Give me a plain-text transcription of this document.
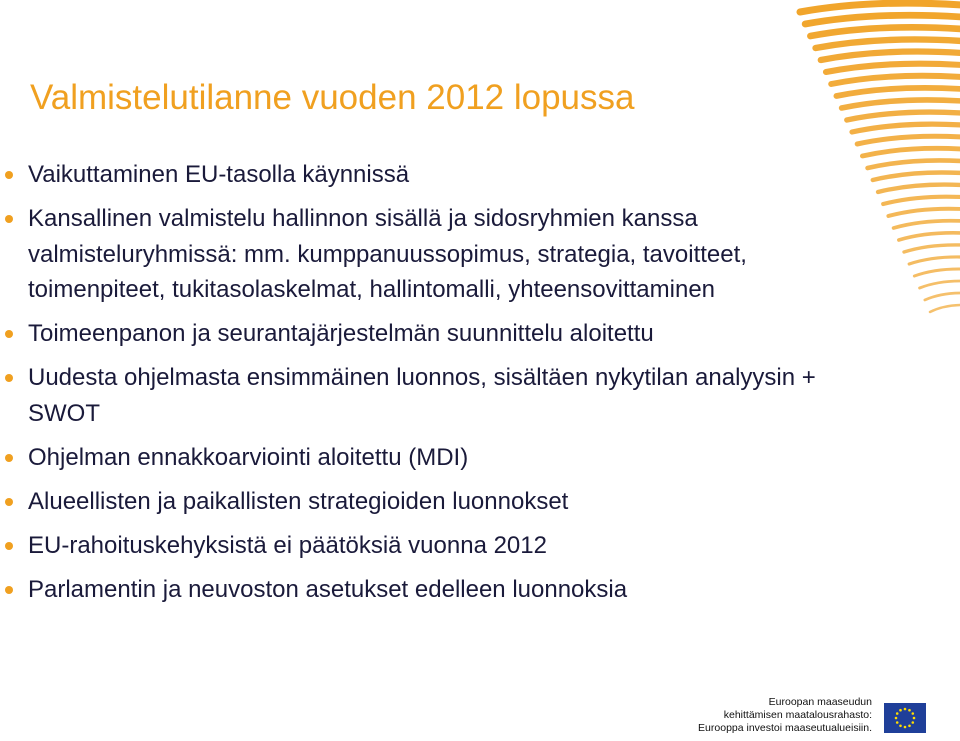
Valmistelutilanne vuoden 2012 lopussa
Vaikuttaminen EU-tasolla käynnissä
Kansallinen valmistelu hallinnon sisällä ja sidosryhmien kanssa valmisteluryhmissä: mm. kumppanuussopimus, strategia, tavoitteet, toimenpiteet, tukitasolaskelmat, hallintomalli, yhteensovittaminen
Toimeenpanon ja seurantajärjestelmän suunnittelu aloitettu
Uudesta ohjelmasta ensimmäinen luonnos, sisältäen nykytilan analyysin + SWOT
Ohjelman ennakkoarviointi aloitettu (MDI)
Alueellisten ja paikallisten strategioiden luonnokset
EU-rahoituskehyksistä ei päätöksiä vuonna 2012
Parlamentin ja neuvoston asetukset edelleen luonnoksia
Euroopan maaseudun
kehittämisen maatalousrahasto:
Eurooppa investoi maaseutualueisiin.
